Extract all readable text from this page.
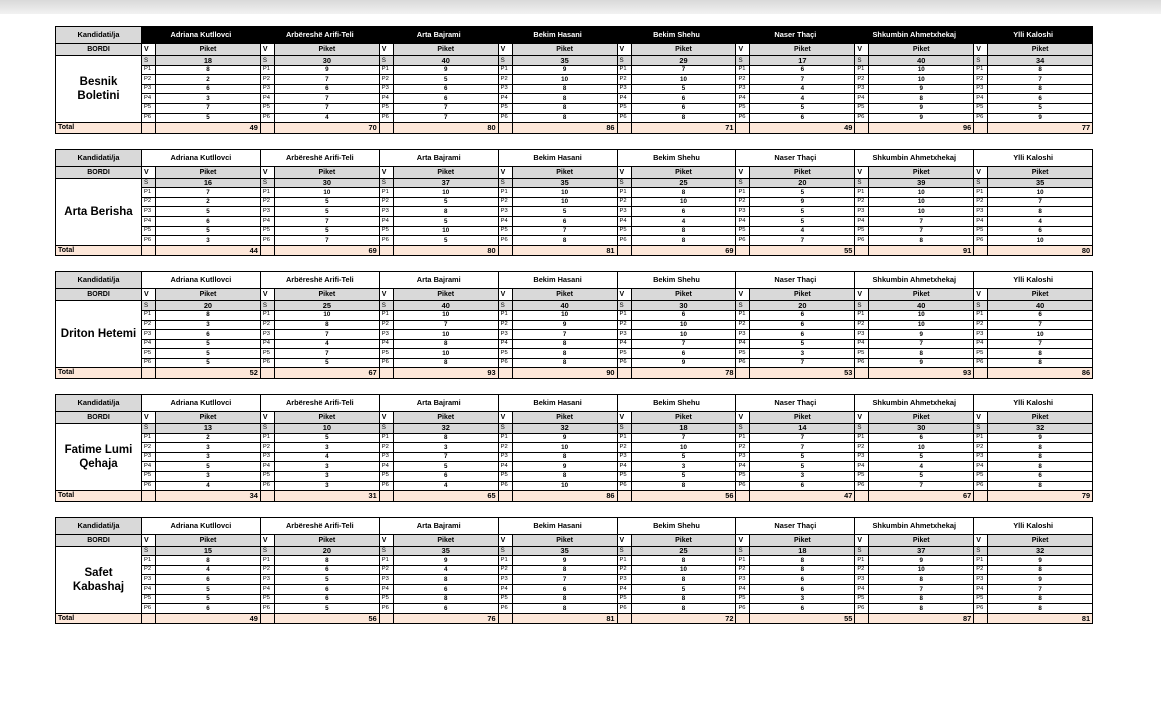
Kandidati/ja	Adriana Kutllovci		Arbëreshë Arifi-Teli		Arta Bajrami		Bekim Hasani		Bekim Shehu		Naser Thaçi		Shkumbin Ahmetxhekaj		Ylli Kaloshi	
BORDI	V	Piket	V	Piket	V	Piket	V	Piket	V	Piket	V	Piket	V	Piket	V	Piket
Besnik Boletini	S	18	S	30	S	40	S	35	S	29	S	17	S	40	S	34
	P1	8	P1	9	P1	9	P1	9	P1	7	P1	6	P1	10	P1	8
	P2	2	P2	7	P2	5	P2	10	P2	10	P2	7	P2	10	P2	7
	P3	6	P3	6	P3	6	P3	8	P3	5	P3	4	P3	9	P3	8
	P4	3	P4	7	P4	6	P4	8	P4	6	P4	4	P4	8	P4	6
	P5	7	P5	7	P5	7	P5	8	P5	6	P5	5	P5	9	P5	5
	P6	5	P6	4	P6	7	P6	8	P6	8	P6	6	P6	9	P6	9
Total		49		70		80		86		71		49		96		77
Kandidati/ja	Adriana Kutllovci		Arbëreshë Arifi-Teli		Arta Bajrami		Bekim Hasani		Bekim Shehu		Naser Thaçi		Shkumbin Ahmetxhekaj		Ylli Kaloshi	
BORDI	V	Piket	V	Piket	V	Piket	V	Piket	V	Piket	V	Piket	V	Piket	V	Piket
Arta Berisha	S	16	S	30	S	37	S	35	S	25	S	20	S	39	S	35
	P1	7	P1	10	P1	10	P1	10	P1	8	P1	5	P1	10	P1	10
	P2	2	P2	5	P2	5	P2	10	P2	10	P2	9	P2	10	P2	7
	P3	5	P3	5	P3	8	P3	5	P3	6	P3	5	P3	10	P3	8
	P4	6	P4	7	P4	5	P4	6	P4	4	P4	5	P4	7	P4	4
	P5	5	P5	5	P5	10	P5	7	P5	8	P5	4	P5	7	P5	6
	P6	3	P6	7	P6	5	P6	8	P6	8	P6	7	P6	8	P6	10
Total		44		69		80		81		69		55		91		80
Kandidati/ja	Adriana Kutllovci		Arbëreshë Arifi-Teli		Arta Bajrami		Bekim Hasani		Bekim Shehu		Naser Thaçi		Shkumbin Ahmetxhekaj		Ylli Kaloshi	
BORDI	V	Piket	V	Piket	V	Piket	V	Piket	V	Piket	V	Piket	V	Piket	V	Piket
Driton Hetemi	S	20	S	25	S	40	S	40	S	30	S	20	S	40	S	40
	P1	8	P1	10	P1	10	P1	10	P1	6	P1	6	P1	10	P1	6
	P2	3	P2	8	P2	7	P2	9	P2	10	P2	6	P2	10	P2	7
	P3	6	P3	7	P3	10	P3	7	P3	10	P3	6	P3	9	P3	10
	P4	5	P4	4	P4	8	P4	8	P4	7	P4	5	P4	7	P4	7
	P5	5	P5	7	P5	10	P5	8	P5	6	P5	3	P5	8	P5	8
	P6	5	P6	5	P6	8	P6	8	P6	9	P6	7	P6	9	P6	8
Total		52		67		93		90		78		53		93		86
Kandidati/ja	Adriana Kutllovci		Arbëreshë Arifi-Teli		Arta Bajrami		Bekim Hasani		Bekim Shehu		Naser Thaçi		Shkumbin Ahmetxhekaj		Ylli Kaloshi	
BORDI	V	Piket	V	Piket	V	Piket	V	Piket	V	Piket	V	Piket	V	Piket	V	Piket
Fatime Lumi Qehaja	S	13	S	10	S	32	S	32	S	18	S	14	S	30	S	32
	P1	2	P1	5	P1	8	P1	9	P1	7	P1	7	P1	6	P1	9
	P2	3	P2	3	P2	3	P2	10	P2	10	P2	7	P2	10	P2	8
	P3	3	P3	4	P3	7	P3	8	P3	5	P3	5	P3	5	P3	8
	P4	5	P4	3	P4	5	P4	9	P4	3	P4	5	P4	4	P4	8
	P5	3	P5	3	P5	6	P5	8	P5	5	P5	3	P5	5	P5	6
	P6	4	P6	3	P6	4	P6	10	P6	8	P6	6	P6	7	P6	8
Total		34		31		65		86		56		47		67		79
Kandidati/ja	Adriana Kutllovci		Arbëreshë Arifi-Teli		Arta Bajrami		Bekim Hasani		Bekim Shehu		Naser Thaçi		Shkumbin Ahmetxhekaj		Ylli Kaloshi	
BORDI	V	Piket	V	Piket	V	Piket	V	Piket	V	Piket	V	Piket	V	Piket	V	Piket
Safet Kabashaj	S	15	S	20	S	35	S	35	S	25	S	18	S	37	S	32
	P1	8	P1	8	P1	9	P1	9	P1	8	P1	8	P1	9	P1	9
	P2	4	P2	6	P2	4	P2	8	P2	10	P2	8	P2	10	P2	8
	P3	6	P3	5	P3	8	P3	7	P3	8	P3	6	P3	8	P3	9
	P4	5	P4	6	P4	6	P4	6	P4	5	P4	6	P4	7	P4	7
	P5	5	P5	6	P5	8	P5	8	P5	8	P5	3	P5	8	P5	8
	P6	6	P6	5	P6	6	P6	8	P6	8	P6	6	P6	8	P6	8
Total		49		56		76		81		72		55		87		81
